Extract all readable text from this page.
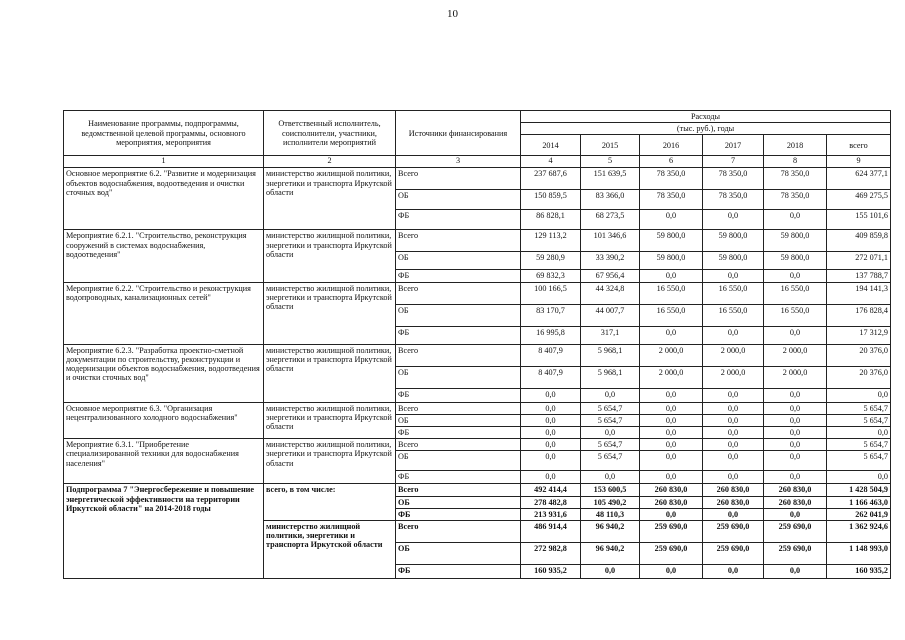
10
Наименование программы, подпрограммы, ведомственной целевой программы, основного мероприятия, мероприятия	Ответственный исполнитель, соисполнители, участники, исполнители мероприятий	Источники финансирования	Расходы					
			(тыс. руб.), годы					
			2014	2015	2016	2017	2018	всего
1	2	3	4	5	6	7	8	9
Основное мероприятие 6.2. "Развитие и модернизация объектов водоснабжения, водоотведения и очистки сточных вод"	министерство жилищной политики, энергетики и транспорта Иркутской области	Всего	237 687,6	151 639,5	78 350,0	78 350,0	78 350,0	624 377,1
		ОБ	150 859,5	83 366,0	78 350,0	78 350,0	78 350,0	469 275,5
		ФБ	86 828,1	68 273,5	0,0	0,0	0,0	155 101,6
Мероприятие 6.2.1. "Строительство, реконструкция сооружений в системах водоснабжения, водоотведения"	министерство жилищной политики, энергетики и транспорта Иркутской области	Всего	129 113,2	101 346,6	59 800,0	59 800,0	59 800,0	409 859,8
		ОБ	59 280,9	33 390,2	59 800,0	59 800,0	59 800,0	272 071,1
		ФБ	69 832,3	67 956,4	0,0	0,0	0,0	137 788,7
Мероприятие 6.2.2. "Строительство и реконструкция водопроводных, канализационных сетей"	министерство жилищной политики, энергетики и транспорта Иркутской области	Всего	100 166,5	44 324,8	16 550,0	16 550,0	16 550,0	194 141,3
		ОБ	83 170,7	44 007,7	16 550,0	16 550,0	16 550,0	176 828,4
		ФБ	16 995,8	317,1	0,0	0,0	0,0	17 312,9
Мероприятие 6.2.3. "Разработка проектно-сметной документации по строительству, реконструкции и модернизации объектов водоснабжения, водоотведения и очистки сточных вод"	министерство жилищной политики, энергетики и транспорта Иркутской области	Всего	8 407,9	5 968,1	2 000,0	2 000,0	2 000,0	20 376,0
		ОБ	8 407,9	5 968,1	2 000,0	2 000,0	2 000,0	20 376,0
		ФБ	0,0	0,0	0,0	0,0	0,0	0,0
Основное мероприятие 6.3. "Организация нецентрализованного холодного водоснабжения"	министерство жилищной политики, энергетики и транспорта Иркутской области	Всего	0,0	5 654,7	0,0	0,0	0,0	5 654,7
		ОБ	0,0	5 654,7	0,0	0,0	0,0	5 654,7
		ФБ	0,0	0,0	0,0	0,0	0,0	0,0
Мероприятие 6.3.1. "Приобретение специализированной техники для водоснабжения населения"	министерство жилищной политики, энергетики и транспорта Иркутской области	Всего	0,0	5 654,7	0,0	0,0	0,0	5 654,7
		ОБ	0,0	5 654,7	0,0	0,0	0,0	5 654,7
		ФБ	0,0	0,0	0,0	0,0	0,0	0,0
Подпрограмма 7 "Энергосбережение и повышение энергетической эффективности на территории Иркутской области" на 2014-2018 годы	всего, в том числе:	Всего	492 414,4	153 600,5	260 830,0	260 830,0	260 830,0	1 428 504,9
		ОБ	278 482,8	105 490,2	260 830,0	260 830,0	260 830,0	1 166 463,0
		ФБ	213 931,6	48 110,3	0,0	0,0	0,0	262 041,9
	министерство жилищной политики, энергетики и транспорта Иркутской области	Всего	486 914,4	96 940,2	259 690,0	259 690,0	259 690,0	1 362 924,6
		ОБ	272 982,8	96 940,2	259 690,0	259 690,0	259 690,0	1 148 993,0
		ФБ	160 935,2	0,0	0,0	0,0	0,0	160 935,2
